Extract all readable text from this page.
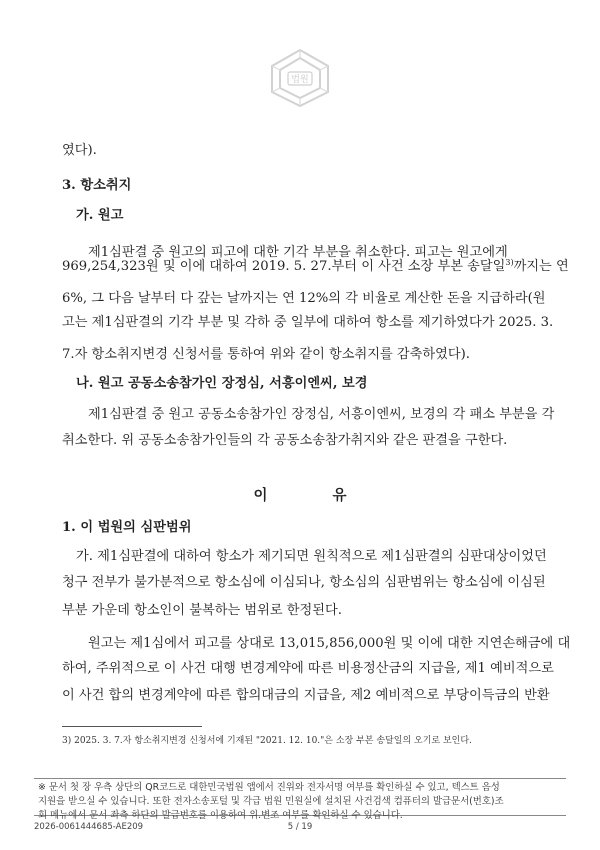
법원
였다).
3. 항소취지
가. 원고
제1심판결 중 원고의 피고에 대한 기각 부분을 취소한다. 피고는 원고에게
969,254,323원 및 이에 대하여 2019. 5. 27.부터 이 사건 소장 부본 송달일$^{3)}$까지는 연
6%, 그 다음 날부터 다 갚는 날까지는 연 12%의 각 비율로 계산한 돈을 지급하라(원
고는 제1심판결의 기각 부분 및 각하 중 일부에 대하여 항소를 제기하였다가 2025. 3.
7.자 항소취지변경 신청서를 통하여 위와 같이 항소취지를 감축하였다).
나. 원고 공동소송참가인 장정심, 서흥이엔씨, 보경
제1심판결 중 원고 공동소송참가인 장정심, 서흥이엔씨, 보경의 각 패소 부분을 각
취소한다. 위 공동소송참가인들의 각 공동소송참가취지와 같은 판결을 구한다.
이 유
1. 이 법원의 심판범위
가. 제1심판결에 대하여 항소가 제기되면 원칙적으로 제1심판결의 심판대상이었던
청구 전부가 불가분적으로 항소심에 이심되나, 항소심의 심판범위는 항소심에 이심된
부분 가운데 항소인이 불복하는 범위로 한정된다.
원고는 제1심에서 피고를 상대로 13,015,856,000원 및 이에 대한 지연손해금에 대
하여, 주위적으로 이 사건 대행 변경계약에 따른 비용정산금의 지급을, 제1 예비적으로
이 사건 합의 변경계약에 따른 합의대금의 지급을, 제2 예비적으로 부당이득금의 반환
3) 2025. 3. 7.자 항소취지변경 신청서에 기재된 "2021. 12. 10."은 소장 부본 송달일의 오기로 보인다.
※ 문서 첫 장 우측 상단의 QR코드로 대한민국법원 앱에서 진위와 전자서명 여부를 확인하실 수 있고, 텍스트 음성
지원을 받으실 수 있습니다. 또한 전자소송포털 및 각급 법원 민원실에 설치된 사건검색 컴퓨터의 발급문서(번호)조
회 메뉴에서 문서 좌측 하단의 발급번호를 이용하여 위.변조 여부를 확인하실 수 있습니다.
2026-0061444685-AE209	5 / 19
